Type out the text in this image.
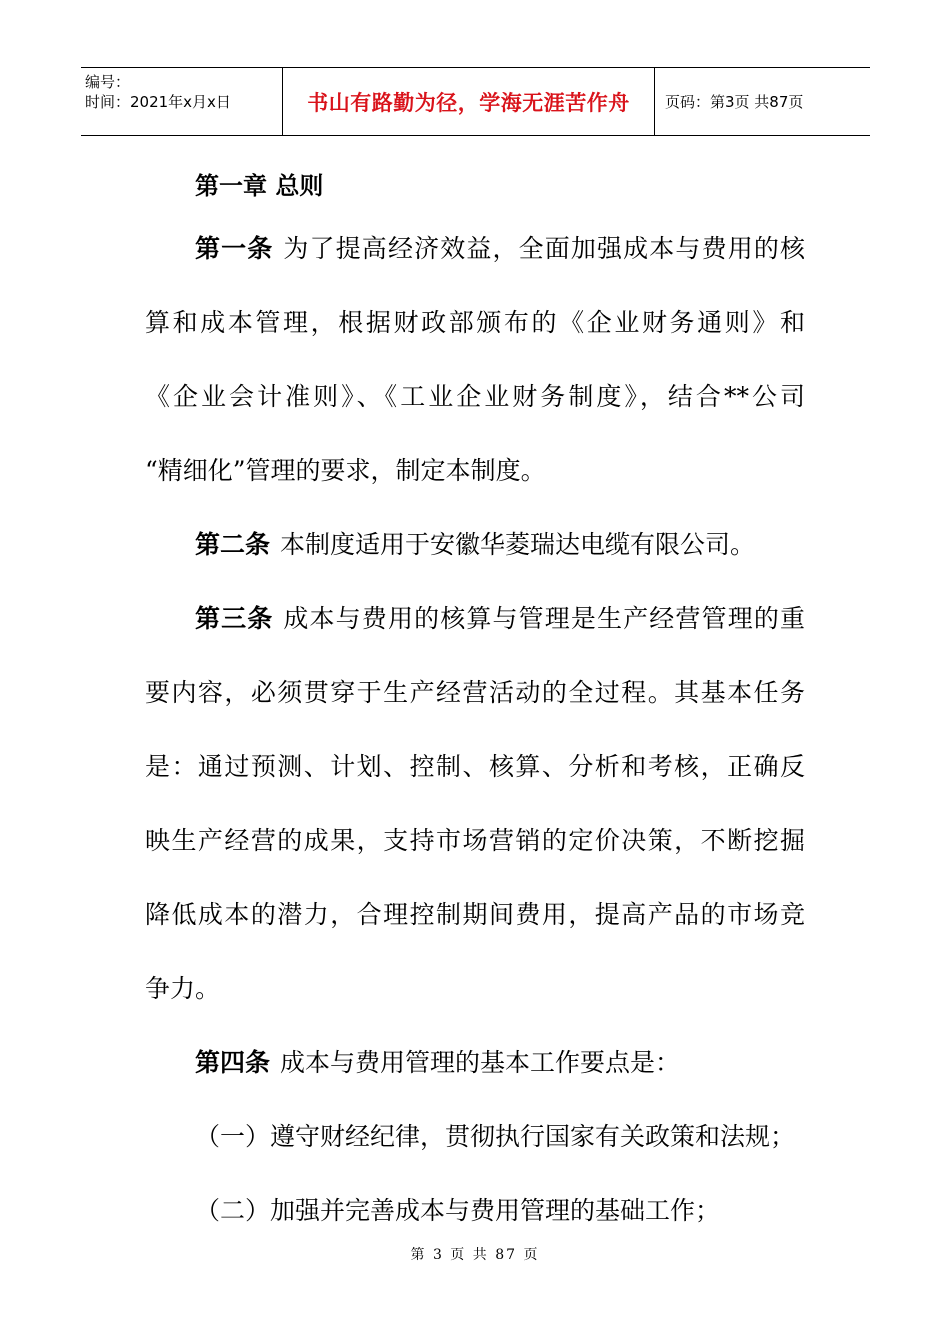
编号：
时间：2021年x月x日	书山有路勤为径，学海无涯苦作舟 页码：第3页 共87页
第一章 总则
第一条 为了提高经济效益，全面加强成本与费用的核
算和成本管理，根据财政部颁布的《企业财务通则》和
《企业会计准则》、《工业企业财务制度》，结合**公司
“精细化”管理的要求，制定本制度。
第二条 本制度适用于安徽华菱瑞达电缆有限公司。
第三条 成本与费用的核算与管理是生产经营管理的重
要内容，必须贯穿于生产经营活动的全过程。其基本任务
是：通过预测、计划、控制、核算、分析和考核，正确反
映生产经营的成果，支持市场营销的定价决策，不断挖掘
降低成本的潜力，合理控制期间费用，提高产品的市场竞
争力。
第四条 成本与费用管理的基本工作要点是：
（一）遵守财经纪律，贯彻执行国家有关政策和法规；
（二）加强并完善成本与费用管理的基础工作；
第 3 页 共 87 页
